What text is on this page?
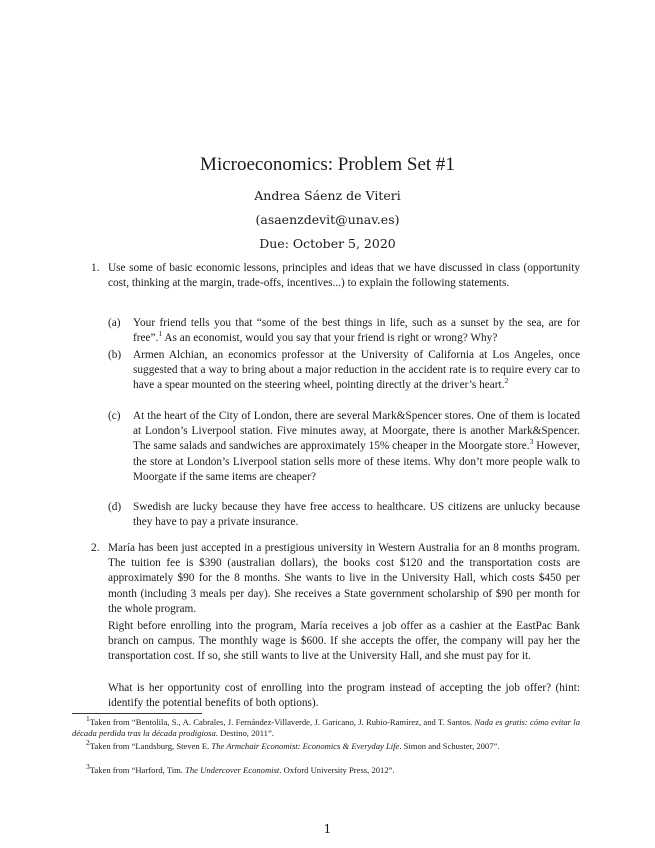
Microeconomics: Problem Set #1
Andrea Sáenz de Viteri
(asaenzdevit@unav.es)
Due: October 5, 2020
1. Use some of basic economic lessons, principles and ideas that we have discussed in class (opportunity cost, thinking at the margin, trade-offs, incentives...) to explain the following statements.
(a) Your friend tells you that “some of the best things in life, such as a sunset by the sea, are for free”.$^1$ As an economist, would you say that your friend is right or wrong? Why?
(b) Armen Alchian, an economics professor at the University of California at Los Angeles, once suggested that a way to bring about a major reduction in the accident rate is to require every car to have a spear mounted on the steering wheel, pointing directly at the driver’s heart.$^2$
(c) At the heart of the City of London, there are several Mark&Spencer stores. One of them is located at London’s Liverpool station. Five minutes away, at Moorgate, there is another Mark&Spencer. The same salads and sandwiches are approximately 15% cheaper in the Moorgate store.$^3$ However, the store at London’s Liverpool station sells more of these items. Why don’t more people walk to Moorgate if the same items are cheaper?
(d) Swedish are lucky because they have free access to healthcare. US citizens are unlucky because they have to pay a private insurance.
2. María has been just accepted in a prestigious university in Western Australia for an 8 months program. The tuition fee is $390 (australian dollars), the books cost $120 and the transportation costs are approximately $90 for the 8 months. She wants to live in the University Hall, which costs $450 per month (including 3 meals per day). She receives a State government scholarship of $90 per month for the whole program.
Right before enrolling into the program, María receives a job offer as a cashier at the EastPac Bank branch on campus. The monthly wage is $600. If she accepts the offer, the company will pay her the transportation cost. If so, she still wants to live at the University Hall, and she must pay for it.
What is her opportunity cost of enrolling into the program instead of accepting the job offer? (hint: identify the potential benefits of both options).
$^1$Taken from “Bentolila, S., A. Cabrales, J. Fernández-Villaverde, J. Garicano, J. Rubio-Ramírez, and T. Santos. Nada es gratis: cómo evitar la década perdida tras la década prodigiosa. Destino, 2011”.
$^2$Taken from “Landsburg, Steven E. The Armchair Economist: Economics & Everyday Life. Simon and Schuster, 2007”.
$^3$Taken from “Harford, Tim. The Undercover Economist. Oxford University Press, 2012”.
1
